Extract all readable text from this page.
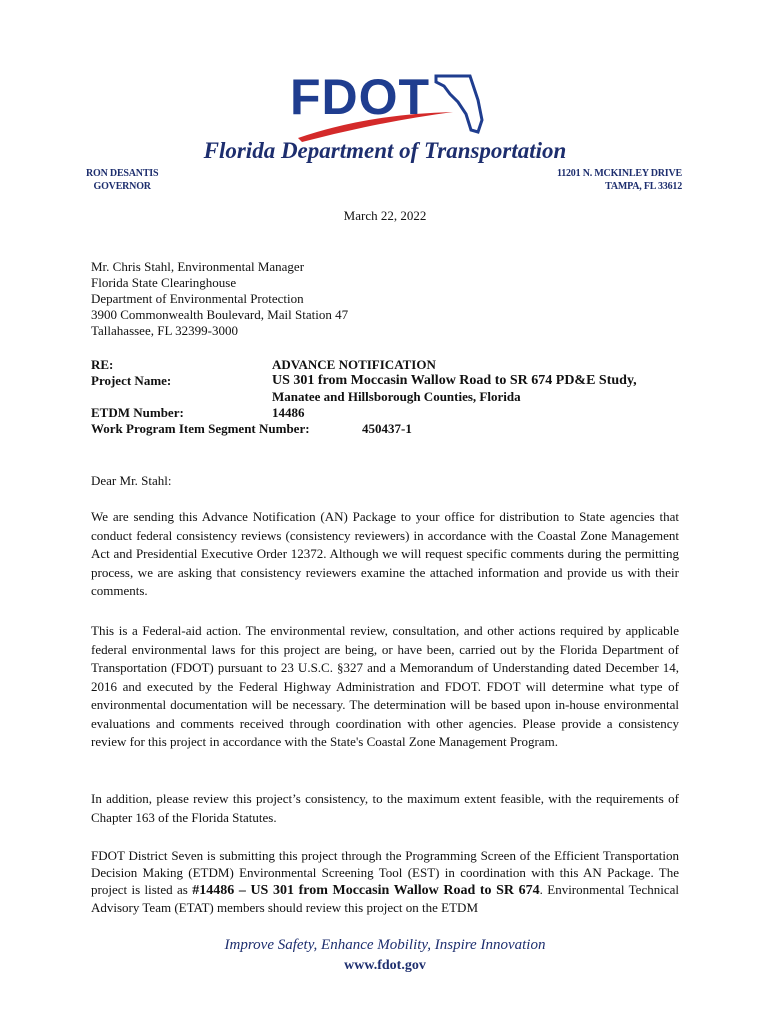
FDOT
Florida Department of Transportation
RON DESANTIS
GOVERNOR
11201 N. MCKINLEY DRIVE
TAMPA, FL 33612
March 22, 2022
Mr. Chris Stahl, Environmental Manager
Florida State Clearinghouse
Department of Environmental Protection
3900 Commonwealth Boulevard, Mail Station 47
Tallahassee, FL 32399-3000
RE:	ADVANCE NOTIFICATION
Project Name:	US 301 from Moccasin Wallow Road to SR 674 PD&E Study,
Manatee and Hillsborough Counties, Florida
ETDM Number:	14486
Work Program Item Segment Number:	450437-1
Dear Mr. Stahl:
We are sending this Advance Notification (AN) Package to your office for distribution to State agencies that conduct federal consistency reviews (consistency reviewers) in accordance with the Coastal Zone Management Act and Presidential Executive Order 12372. Although we will request specific comments during the permitting process, we are asking that consistency reviewers examine the attached information and provide us with their comments.
This is a Federal-aid action. The environmental review, consultation, and other actions required by applicable federal environmental laws for this project are being, or have been, carried out by the Florida Department of Transportation (FDOT) pursuant to 23 U.S.C. §327 and a Memorandum of Understanding dated December 14, 2016 and executed by the Federal Highway Administration and FDOT. FDOT will determine what type of environmental documentation will be necessary. The determination will be based upon in-house environmental evaluations and comments received through coordination with other agencies. Please provide a consistency review for this project in accordance with the State's Coastal Zone Management Program.
In addition, please review this project’s consistency, to the maximum extent feasible, with the requirements of Chapter 163 of the Florida Statutes.
FDOT District Seven is submitting this project through the Programming Screen of the Efficient Transportation Decision Making (ETDM) Environmental Screening Tool (EST) in coordination with this AN Package. The project is listed as #14486 – US 301 from Moccasin Wallow Road to SR 674. Environmental Technical Advisory Team (ETAT) members should review this project on the ETDM
Improve Safety, Enhance Mobility, Inspire Innovation
www.fdot.gov
